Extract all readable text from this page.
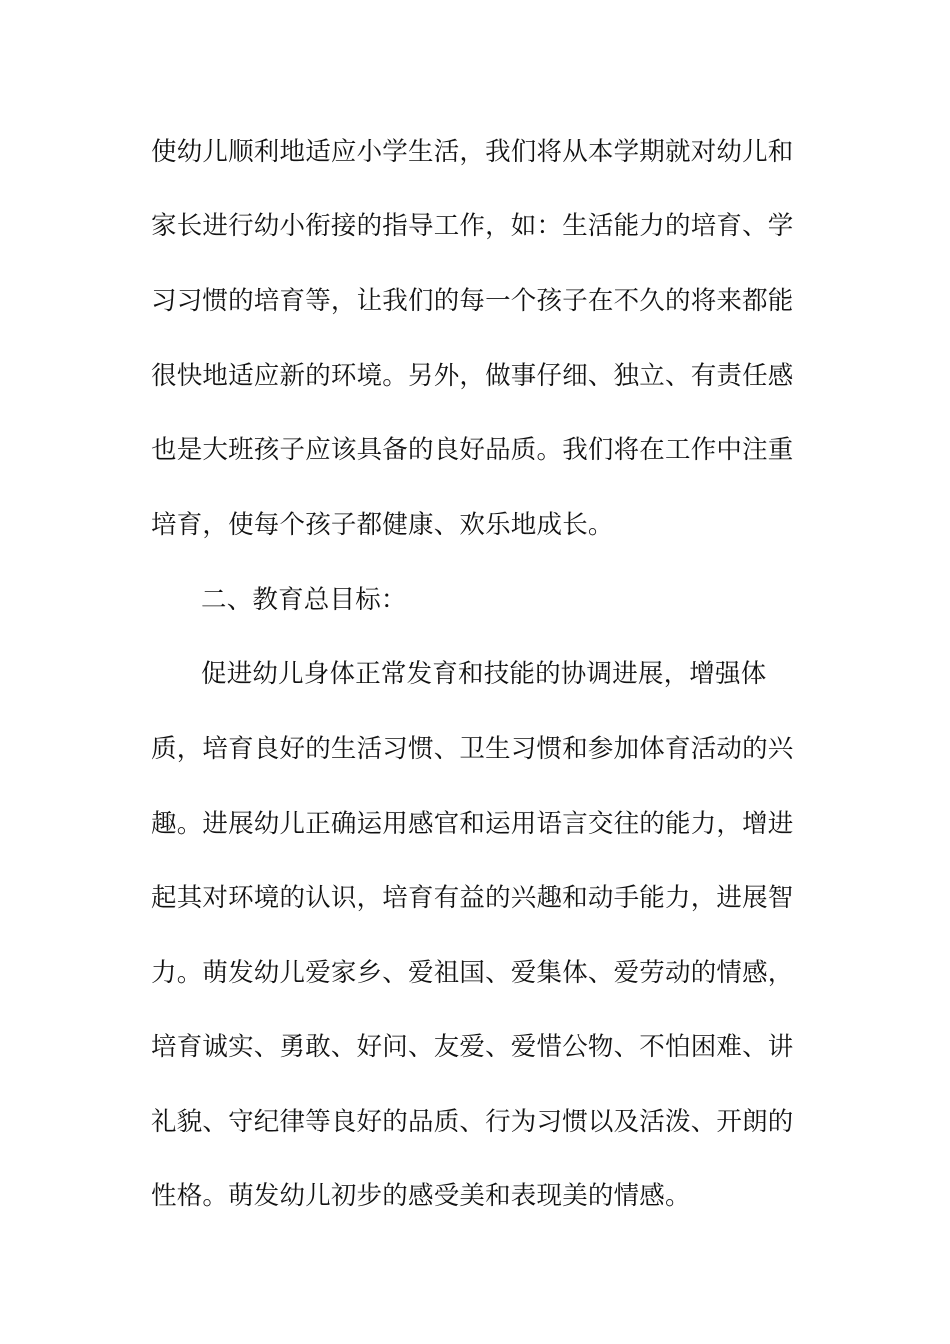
使幼儿顺利地适应小学生活，我们将从本学期就对幼儿和
家长进行幼小衔接的指导工作，如：生活能力的培育、学
习习惯的培育等，让我们的每一个孩子在不久的将来都能
很快地适应新的环境。另外，做事仔细、独立、有责任感
也是大班孩子应该具备的良好品质。我们将在工作中注重
培育，使每个孩子都健康、欢乐地成长。
二、教育总目标：
促进幼儿身体正常发育和技能的协调进展，增强体
质，培育良好的生活习惯、卫生习惯和参加体育活动的兴
趣。进展幼儿正确运用感官和运用语言交往的能力，增进
起其对环境的认识，培育有益的兴趣和动手能力，进展智
力。萌发幼儿爱家乡、爱祖国、爱集体、爱劳动的情感，
培育诚实、勇敢、好问、友爱、爱惜公物、不怕困难、讲
礼貌、守纪律等良好的品质、行为习惯以及活泼、开朗的
性格。萌发幼儿初步的感受美和表现美的情感。
